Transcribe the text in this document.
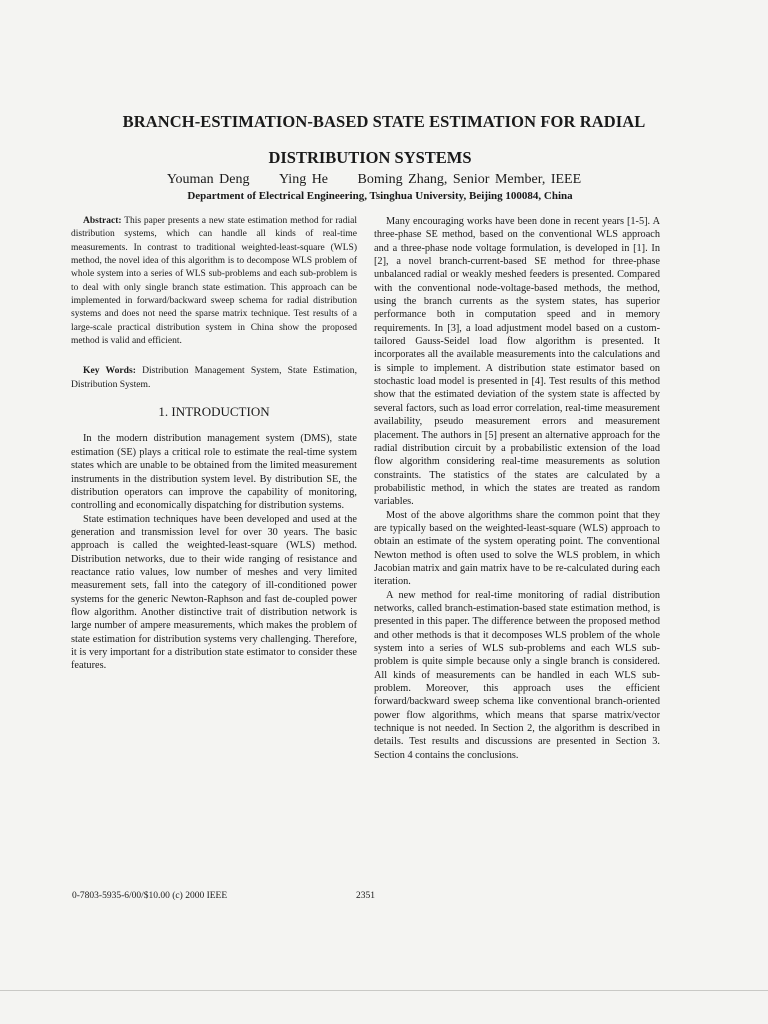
BRANCH-ESTIMATION-BASED STATE ESTIMATION FOR RADIAL
DISTRIBUTION SYSTEMS
Youman Deng Ying He Boming Zhang, Senior Member, IEEE
Department of Electrical Engineering, Tsinghua University, Beijing 100084, China

Abstract: This paper presents a new state estimation method for radial distribution systems, which can handle all kinds of real-time measurements. In contrast to traditional weighted-least-square (WLS) method, the novel idea of this algorithm is to decompose WLS problem of whole system into a series of WLS sub-problems and each sub-problem is to deal with only single branch state estimation. This approach can be implemented in forward/backward sweep schema for radial distribution systems and does not need the sparse matrix technique. Test results of a large-scale practical distribution system in China show the proposed method is valid and efficient.

Key Words: Distribution Management System, State Estimation, Distribution System.

1. INTRODUCTION

In the modern distribution management system (DMS), state estimation (SE) plays a critical role to estimate the real-time system states which are unable to be obtained from the limited measurement instruments in the distribution system level. By distribution SE, the distribution operators can improve the capability of monitoring, controlling and economically dispatching for distribution systems.

State estimation techniques have been developed and used at the generation and transmission level for over 30 years. The basic approach is called the weighted-least-square (WLS) method. Distribution networks, due to their wide ranging of resistance and reactance ratio values, low number of meshes and very limited measurement sets, fall into the category of ill-conditioned power systems for the generic Newton-Raphson and fast de-coupled power flow algorithm. Another distinctive trait of distribution network is large number of ampere measurements, which makes the problem of state estimation for distribution systems very challenging. Therefore, it is very important for a distribution state estimator to consider these features.

Many encouraging works have been done in recent years [1-5]. A three-phase SE method, based on the conventional WLS approach and a three-phase node voltage formulation, is developed in [1]. In [2], a novel branch-current-based SE method for three-phase unbalanced radial or weakly meshed feeders is presented. Compared with the conventional node-voltage-based methods, the method, using the branch currents as the system states, has superior performance both in computation speed and in memory requirements. In [3], a load adjustment model based on a custom-tailored Gauss-Seidel load flow algorithm is presented. It incorporates all the available measurements into the calculations and is simple to implement. A distribution state estimator based on stochastic load model is presented in [4]. Test results of this method show that the estimated deviation of the system state is affected by several factors, such as load error correlation, real-time measurement availability, pseudo measurement errors and measurement placement. The authors in [5] present an alternative approach for the radial distribution circuit by a probabilistic extension of the load flow algorithm considering real-time measurements as solution constraints. The statistics of the states are calculated by a probabilistic method, in which the states are treated as random variables.

Most of the above algorithms share the common point that they are typically based on the weighted-least-square (WLS) approach to obtain an estimate of the system operating point. The conventional Newton method is often used to solve the WLS problem, in which Jacobian matrix and gain matrix have to be re-calculated during each iteration.

A new method for real-time monitoring of radial distribution networks, called branch-estimation-based state estimation method, is presented in this paper. The difference between the proposed method and other methods is that it decomposes WLS problem of the whole system into a series of WLS sub-problems and each WLS sub-problem is quite simple because only a single branch is considered. All kinds of measurements can be handled in each WLS sub-problem. Moreover, this approach uses the efficient forward/backward sweep schema like conventional branch-oriented power flow algorithms, which means that sparse matrix/vector technique is not needed. In Section 2, the algorithm is described in details. Test results and discussions are presented in Section 3. Section 4 contains the conclusions.

0-7803-5935-6/00/$10.00 (c) 2000 IEEE	2351
